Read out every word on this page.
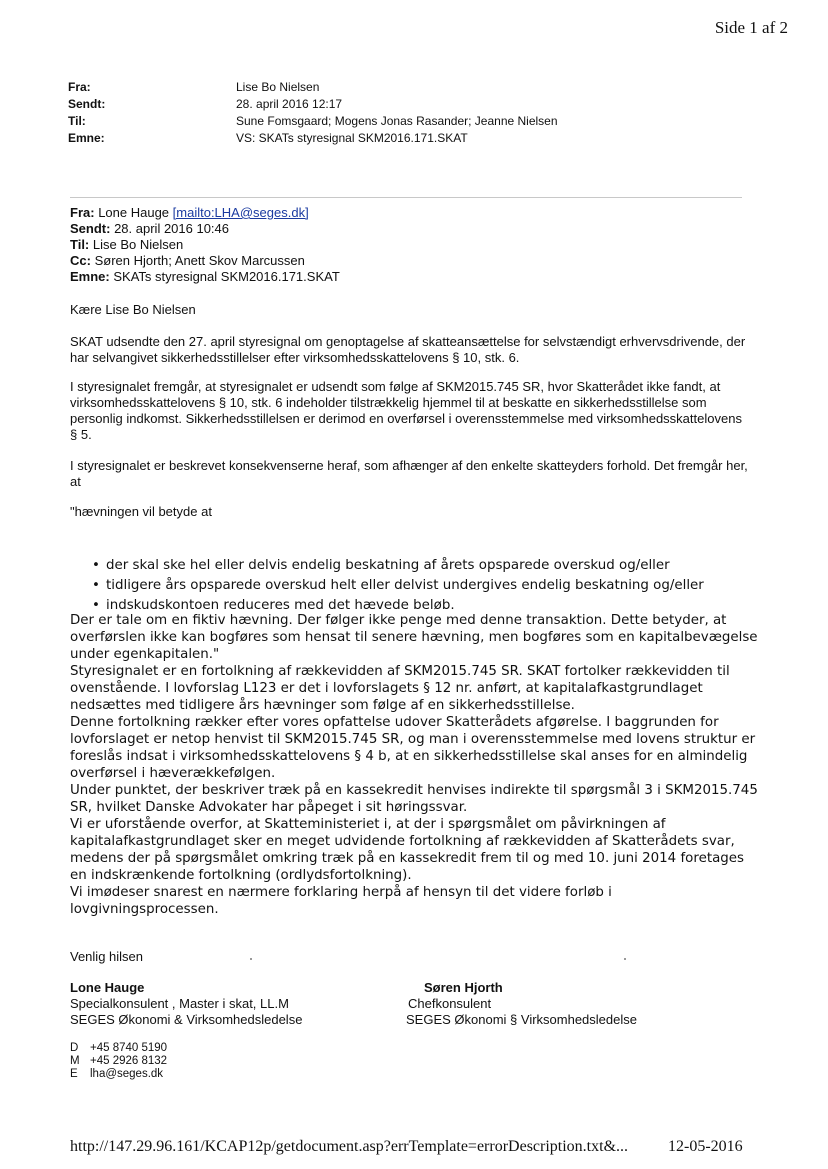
Side 1 af 2
Fra:	Lise Bo Nielsen
Sendt:	28. april 2016 12:17
Til:	Sune Fomsgaard; Mogens Jonas Rasander; Jeanne Nielsen
Emne:	VS: SKATs styresignal SKM2016.171.SKAT
Fra: Lone Hauge [mailto:LHA@seges.dk]
Sendt: 28. april 2016 10:46
Til: Lise Bo Nielsen
Cc: Søren Hjorth; Anett Skov Marcussen
Emne: SKATs styresignal SKM2016.171.SKAT
Kære Lise Bo Nielsen
SKAT udsendte den 27. april styresignal om genoptagelse af skatteansættelse for selvstændigt erhvervsdrivende, der har selvangivet sikkerhedsstillelser efter virksomhedsskattelovens § 10, stk. 6.
I styresignalet fremgår, at styresignalet er udsendt som følge af SKM2015.745 SR, hvor Skatterådet ikke fandt, at virksomhedsskattelovens § 10, stk. 6 indeholder tilstrækkelig hjemmel til at beskatte en sikkerhedsstillelse som personlig indkomst. Sikkerhedsstillelsen er derimod en overførsel i overensstemmelse med virksomhedsskattelovens § 5.
I styresignalet er beskrevet konsekvenserne heraf, som afhænger af den enkelte skatteyders forhold. Det fremgår her, at
"hævningen vil betyde at
• der skal ske hel eller delvis endelig beskatning af årets opsparede overskud og/eller
• tidligere års opsparede overskud helt eller delvist undergives endelig beskatning og/eller
• indskudskontoen reduceres med det hævede beløb.

Der er tale om en fiktiv hævning. Der følger ikke penge med denne transaktion. Dette betyder, at overførslen ikke kan bogføres som hensat til senere hævning, men bogføres som en kapitalbevægelse under egenkapitalen."

Styresignalet er en fortolkning af rækkevidden af SKM2015.745 SR. SKAT fortolker rækkevidden til ovenstående. I lovforslag L123 er det i lovforslagets § 12 nr. anført, at kapitalafkastgrundlaget nedsættes med tidligere års hævninger som følge af en sikkerhedsstillelse.

Denne fortolkning rækker efter vores opfattelse udover Skatterådets afgørelse. I baggrunden for lovforslaget er netop henvist til SKM2015.745 SR, og man i overensstemmelse med lovens struktur er foreslås indsat i virksomhedsskattelovens § 4 b, at en sikkerhedsstillelse skal anses for en almindelig overførsel i hæverækkefølgen.

Under punktet, der beskriver træk på en kassekredit henvises indirekte til spørgsmål 3 i SKM2015.745 SR, hvilket Danske Advokater har påpeget i sit høringssvar.

Vi er uforstående overfor, at Skatteministeriet i, at der i spørgsmålet om påvirkningen af kapitalafkastgrundlaget sker en meget udvidende fortolkning af rækkevidden af Skatterådets svar, medens der på spørgsmålet omkring træk på en kassekredit frem til og med 10. juni 2014 foretages en indskrænkende fortolkning (ordlydsfortolkning).

Vi imødeser snarest en nærmere forklaring herpå af hensyn til det videre forløb i lovgivningsprocessen.

Venlig hilsen
Lone Hauge
Specialkonsulent , Master i skat, LL.M
SEGES Økonomi & Virksomhedsledelse
Søren Hjorth
Chefkonsulent
SEGES Økonomi § Virksomhedsledelse
D +45 8740 5190
M +45 2926 8132
E lha@seges.dk
http://147.29.96.161/KCAP12p/getdocument.asp?errTemplate=errorDescription.txt&... 12-05-2016
